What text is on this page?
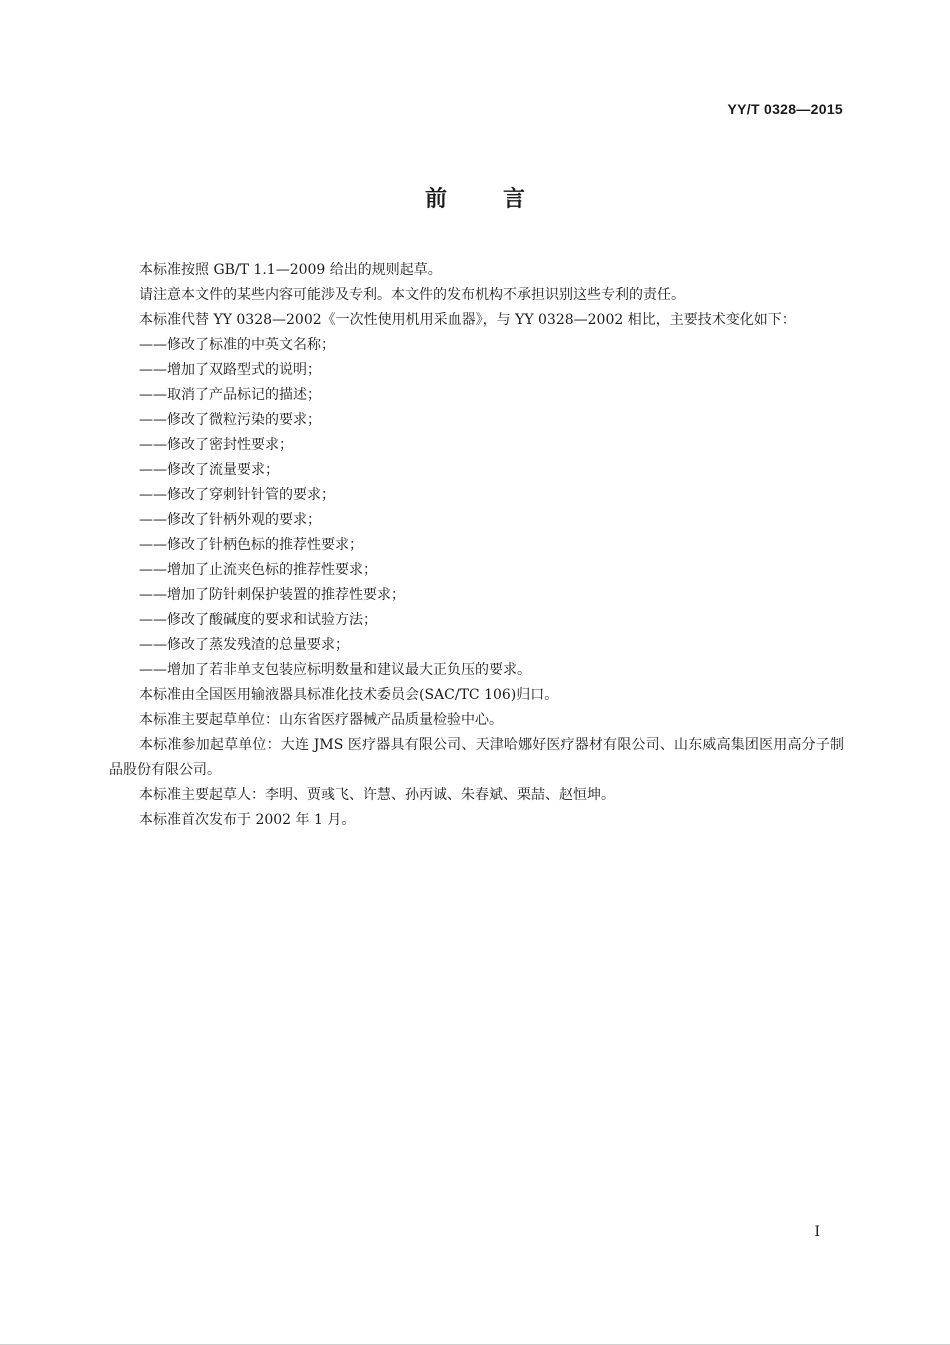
YY/T 0328—2015
前言

本标准按照 GB/T 1.1—2009 给出的规则起草。

请注意本文件的某些内容可能涉及专利。本文件的发布机构不承担识别这些专利的责任。

本标准代替 YY 0328—2002《一次性使用机用采血器》，与 YY 0328—2002 相比，主要技术变化如下：

——修改了标准的中英文名称；

——增加了双路型式的说明；

——取消了产品标记的描述；

——修改了微粒污染的要求；

——修改了密封性要求；

——修改了流量要求；

——修改了穿刺针针管的要求；

——修改了针柄外观的要求；

——修改了针柄色标的推荐性要求；

——增加了止流夹色标的推荐性要求；

——增加了防针刺保护装置的推荐性要求；

——修改了酸碱度的要求和试验方法；

——修改了蒸发残渣的总量要求；

——增加了若非单支包装应标明数量和建议最大正负压的要求。

本标准由全国医用输液器具标准化技术委员会(SAC/TC 106)归口。

本标准主要起草单位：山东省医疗器械产品质量检验中心。

本标准参加起草单位：大连 JMS 医疗器具有限公司、天津哈娜好医疗器材有限公司、山东威高集团医用高分子制品股份有限公司。

本标准主要起草人：李明、贾彧飞、许慧、孙丙诚、朱春斌、栗喆、赵恒坤。

本标准首次发布于 2002 年 1 月。

I
